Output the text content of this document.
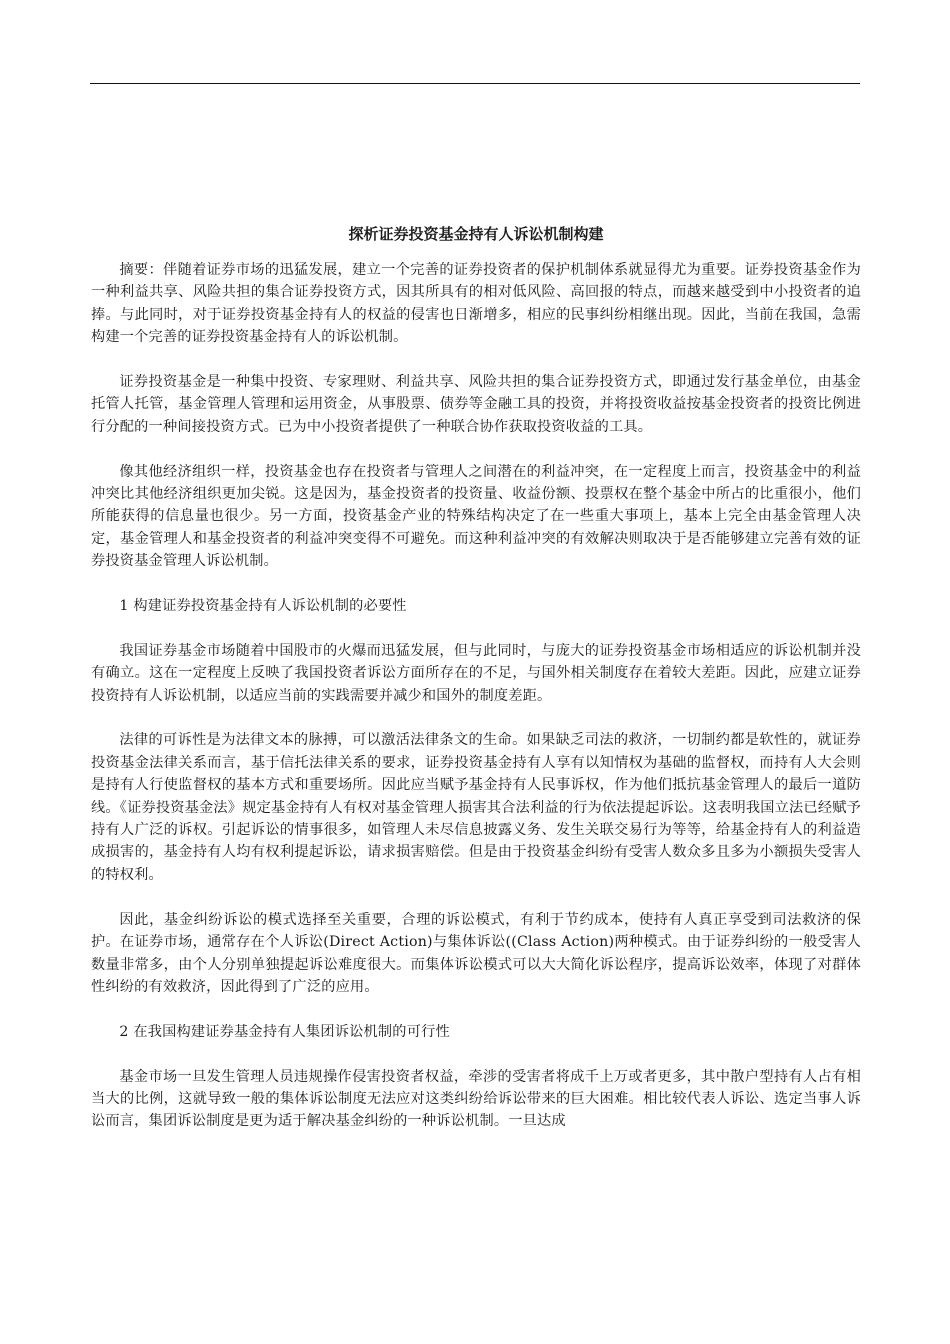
探析证券投资基金持有人诉讼机制构建

摘要：伴随着证券市场的迅猛发展，建立一个完善的证券投资者的保护机制体系就显得尤为重要。证券投资基金作为一种利益共享、风险共担的集合证券投资方式，因其所具有的相对低风险、高回报的特点，而越来越受到中小投资者的追捧。与此同时，对于证券投资基金持有人的权益的侵害也日渐增多，相应的民事纠纷相继出现。因此，当前在我国，急需构建一个完善的证券投资基金持有人的诉讼机制。

证券投资基金是一种集中投资、专家理财、利益共享、风险共担的集合证券投资方式，即通过发行基金单位，由基金托管人托管，基金管理人管理和运用资金，从事股票、债券等金融工具的投资，并将投资收益按基金投资者的投资比例进行分配的一种间接投资方式。已为中小投资者提供了一种联合协作获取投资收益的工具。

像其他经济组织一样，投资基金也存在投资者与管理人之间潜在的利益冲突，在一定程度上而言，投资基金中的利益冲突比其他经济组织更加尖锐。这是因为，基金投资者的投资量、收益份额、投票权在整个基金中所占的比重很小，他们所能获得的信息量也很少。另一方面，投资基金产业的特殊结构决定了在一些重大事项上，基本上完全由基金管理人决定，基金管理人和基金投资者的利益冲突变得不可避免。而这种利益冲突的有效解决则取决于是否能够建立完善有效的证券投资基金管理人诉讼机制。

1 构建证券投资基金持有人诉讼机制的必要性

我国证券基金市场随着中国股市的火爆而迅猛发展，但与此同时，与庞大的证券投资基金市场相适应的诉讼机制并没有确立。这在一定程度上反映了我国投资者诉讼方面所存在的不足，与国外相关制度存在着较大差距。因此，应建立证券投资持有人诉讼机制，以适应当前的实践需要并减少和国外的制度差距。

法律的可诉性是为法律文本的脉搏，可以激活法律条文的生命。如果缺乏司法的救济，一切制约都是软性的，就证券投资基金法律关系而言，基于信托法律关系的要求，证券投资基金持有人享有以知情权为基础的监督权，而持有人大会则是持有人行使监督权的基本方式和重要场所。因此应当赋予基金持有人民事诉权，作为他们抵抗基金管理人的最后一道防线。《证券投资基金法》规定基金持有人有权对基金管理人损害其合法利益的行为依法提起诉讼。这表明我国立法已经赋予持有人广泛的诉权。引起诉讼的情事很多，如管理人未尽信息披露义务、发生关联交易行为等等，给基金持有人的利益造成损害的，基金持有人均有权利提起诉讼，请求损害赔偿。但是由于投资基金纠纷有受害人数众多且多为小额损失受害人的特权利。

因此，基金纠纷诉讼的模式选择至关重要，合理的诉讼模式，有利于节约成本，使持有人真正享受到司法救济的保护。在证券市场，通常存在个人诉讼(Direct Action)与集体诉讼((Class Action)两种模式。由于证券纠纷的一般受害人数量非常多，由个人分别单独提起诉讼难度很大。而集体诉讼模式可以大大简化诉讼程序，提高诉讼效率，体现了对群体性纠纷的有效救济，因此得到了广泛的应用。

2 在我国构建证券基金持有人集团诉讼机制的可行性

基金市场一旦发生管理人员违规操作侵害投资者权益，牵涉的受害者将成千上万或者更多，其中散户型持有人占有相当大的比例，这就导致一般的集体诉讼制度无法应对这类纠纷给诉讼带来的巨大困难。相比较代表人诉讼、选定当事人诉讼而言，集团诉讼制度是更为适于解决基金纠纷的一种诉讼机制。一旦达成
